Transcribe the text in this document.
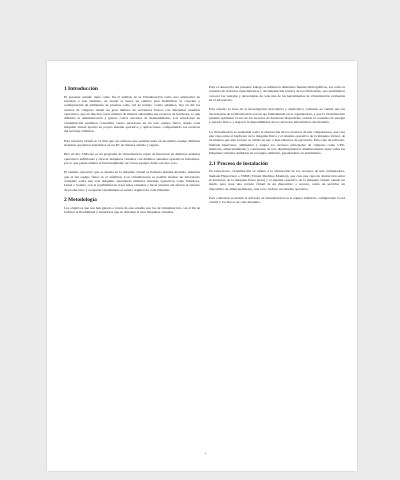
1 Introducción
El presente estudio tiene como fin el análisis de la Virtualización como una alternativa de solución a este Instituto, en donde se busca un cambio para flexibilizar la creación y configuración de ambientes de pruebas como red de trabajo. Como sabemos, hoy en día los centros de cómputo tienen un gran número de servidores físicos con diferentes sistemas operativos, que en muchos casos utilizan de manera subóptima sus recursos de hardware, lo que dificulta la administración y genera costos elevados de mantenimiento. Las soluciones de virtualización permiten consolidar varios servidores en un solo equipo físico, donde cada máquina virtual ejecuta su propio sistema operativo y aplicaciones, compartiendo los recursos del servidor anfitrión.
Esta solución virtual se ve más que un software que permite tener en un mismo equipo distintos sistemas operativos instalados en un PC de manera aislada y segura.
Hoy en día, VMware es un programa de virtualización capaz de funcionar en distintos sistemas operativos anfitriones y ofrecer máquinas virtuales con distintos sistemas operativos instalados, por lo que puede emular el funcionamiento de varios equipos dentro de uno solo.
El sistema operativo que se instala en la máquina virtual es llamado sistema invitado, mientras que el del equipo físico es el anfitrión. Con virtualización es posible montar un laboratorio completo sobre una sola máquina, ejecutando distintos sistemas operativos como Windows, Linux o Solaris, con la posibilidad de crear redes virtuales y hacer pruebas sin afectar el entorno de producción, y recuperar rápidamente el estado original de cada máquina.
2 Metodología
Los objetivos que nos han guiado a través de este estudio son los de virtualización, con el fin de facilitar la flexibilidad y beneficios que se obtienen al usar máquinas virtuales.
Para el desarrollo del presente trabajo se utilizaron diferentes fuentes bibliográficas, así como la consulta de artículos especializados y documentación técnica de los fabricantes, que permitieron conocer las ventajas y desventajas de cada una de las herramientas de virtualización evaluadas en el laboratorio.
Este estudio se basa en la investigación descriptiva y explicativa, tomando en cuenta que las Tecnologías de la Información son un eje fundamental en la organización, y que la virtualización permite optimizar el uso de los recursos de hardware disponibles, reducir el consumo de energía y espacio físico, y mejorar la disponibilidad de los servicios informáticos del Instituto.
La virtualización es entendida como la abstracción de los recursos de una computadora, que crea una capa entre el hardware de la máquina física y el sistema operativo de la máquina virtual, de tal manera que este recurso se divide en uno o más entornos de ejecución. Esta capa de software, llamada hipervisor, administra y asigna los recursos principales de cómputo como CPU, memoria, almacenamiento y conexiones de red, distribuyéndolos dinámicamente entre todas las máquinas virtuales definidas en el equipo anfitrión, garantizando su aislamiento.
2.1 Proceso de instalación
En laboratorio, virtualización se refiere a la abstracción de los recursos de una computadora, llamada Hypervisor o VMM (Virtual Machine Monitor), que crea una capa de abstracción entre el hardware de la máquina física (host) y el sistema operativo de la máquina virtual, siendo un medio para crear una versión virtual de un dispositivo o recurso, como un servidor, un dispositivo de almacenamiento, una red o incluso un sistema operativo.
Para comenzar se instaló el software de virtualización en el equipo anfitrión, configurando la red virtual y los discos de cada máquina.
